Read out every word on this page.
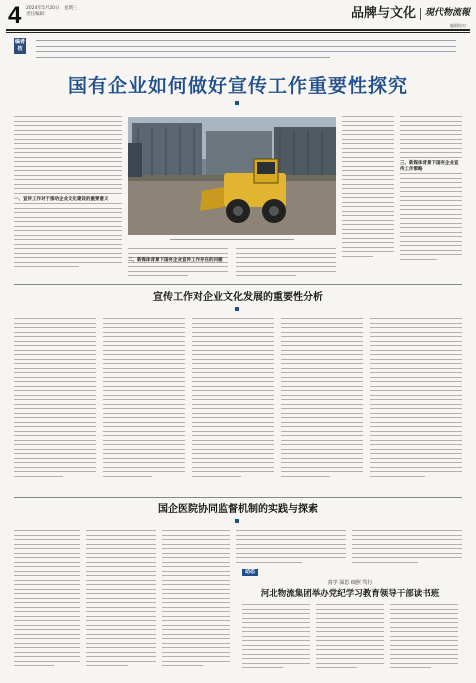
4 2024年5月20日　星期三
责任编辑：	品牌与文化 現代物流報
编辑校对：
编者按
国有企业如何做好宣传工作重要性探究
一、宣传工作对于推动企业文化建设的重要意义
三、新媒体背景下国有企业宣传工作策略
二、新媒体背景下国有企业宣传工作存在的问题
宣传工作对企业文化发展的重要性分析
国企医院协同监督机制的实践与探索
动态
真学 深思 细照 笃行
河北物流集团举办党纪学习教育领导干部读书班
